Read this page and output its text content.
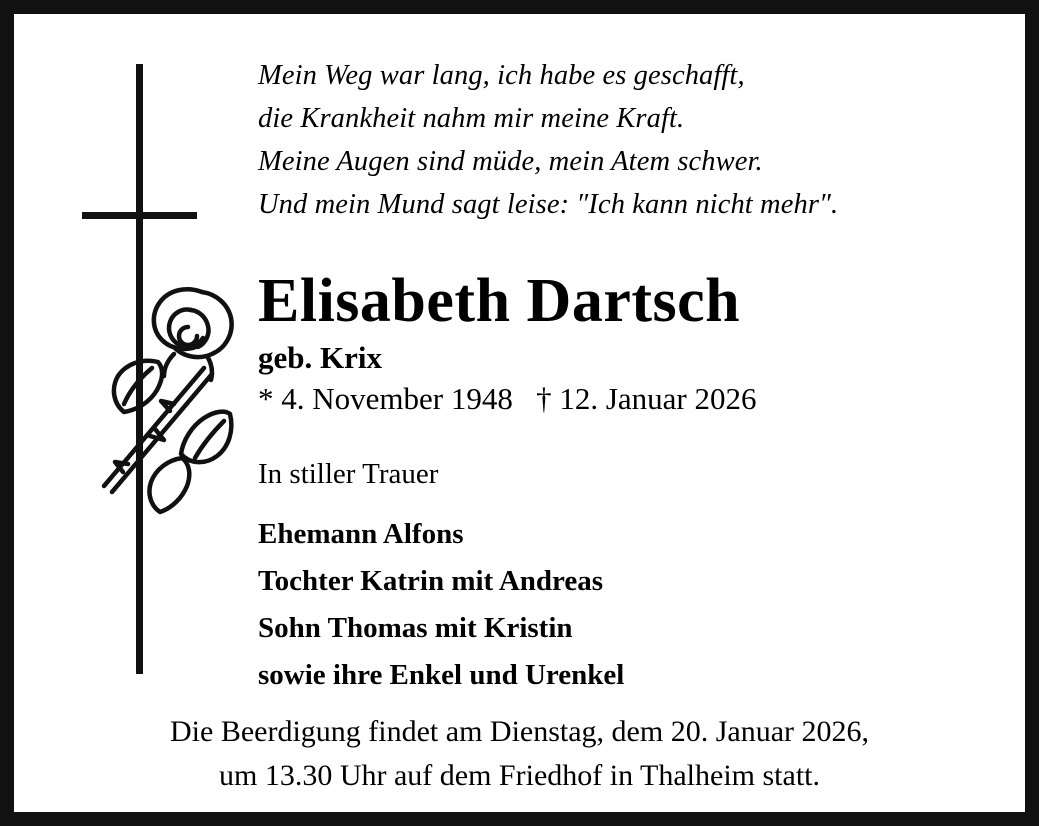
Mein Weg war lang, ich habe es geschafft,
die Krankheit nahm mir meine Kraft.
Meine Augen sind müde, mein Atem schwer.
Und mein Mund sagt leise: ″Ich kann nicht mehr″.
Elisabeth Dartsch
geb. Krix
* 4. November 1948   † 12. Januar 2026
In stiller Trauer
Ehemann Alfons
Tochter Katrin mit Andreas
Sohn Thomas mit Kristin
sowie ihre Enkel und Urenkel
Die Beerdigung findet am Dienstag, dem 20. Januar 2026,
um 13.30 Uhr auf dem Friedhof in Thalheim statt.
